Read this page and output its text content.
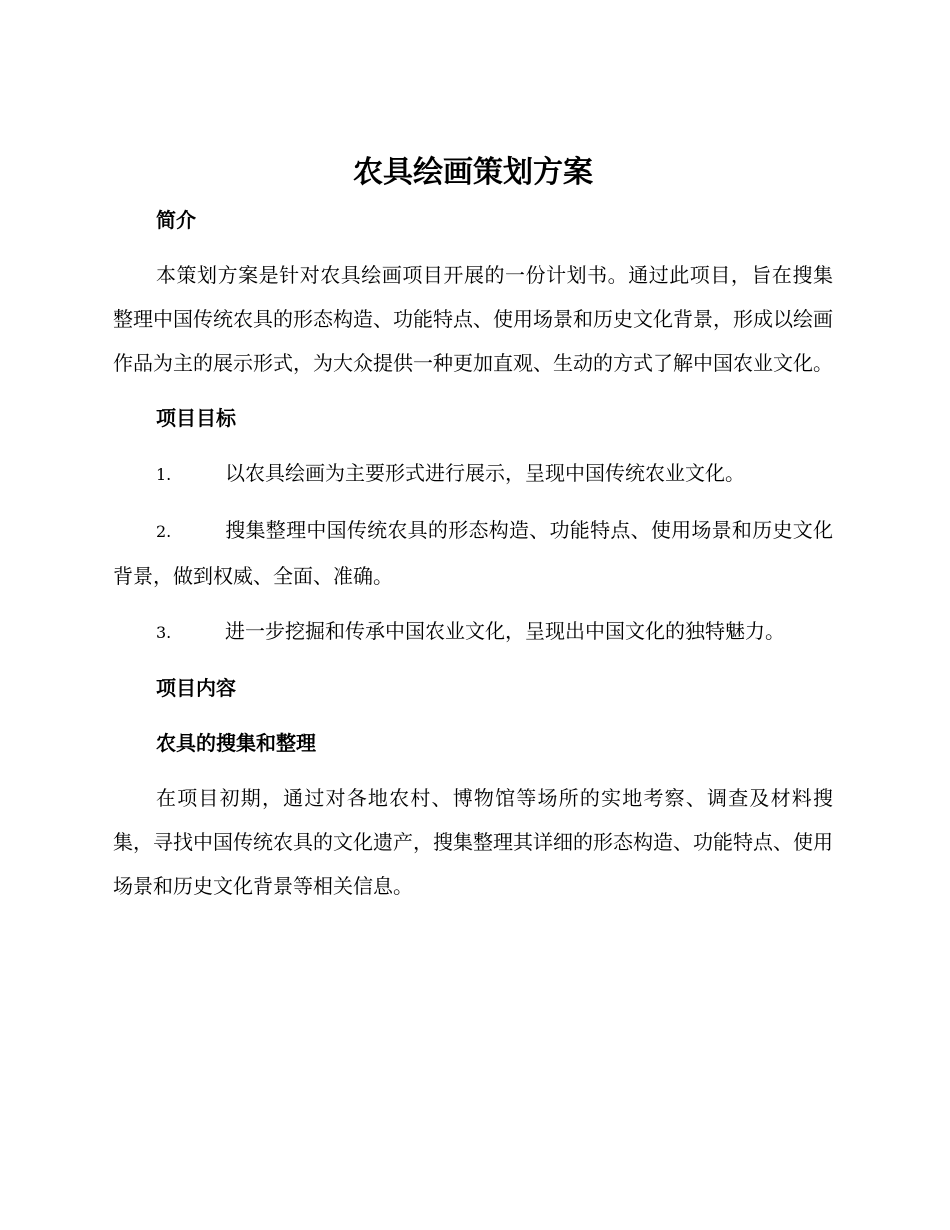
农具绘画策划方案
简介
本策划方案是针对农具绘画项目开展的一份计划书。通过此项目，旨在搜集整理中国传统农具的形态构造、功能特点、使用场景和历史文化背景，形成以绘画作品为主的展示形式，为大众提供一种更加直观、生动的方式了解中国农业文化。
项目目标
1.	以农具绘画为主要形式进行展示，呈现中国传统农业文化。
2.	搜集整理中国传统农具的形态构造、功能特点、使用场景和历史文化背景，做到权威、全面、准确。
3.	进一步挖掘和传承中国农业文化，呈现出中国文化的独特魅力。
项目内容
农具的搜集和整理
在项目初期，通过对各地农村、博物馆等场所的实地考察、调查及材料搜集，寻找中国传统农具的文化遗产，搜集整理其详细的形态构造、功能特点、使用场景和历史文化背景等相关信息。
